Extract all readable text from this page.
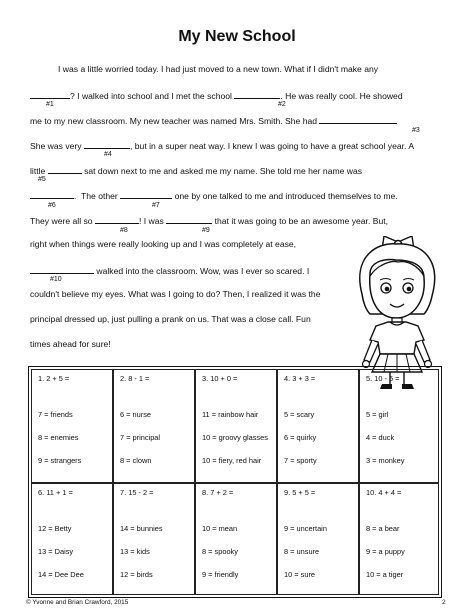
My New School
I was a little worried today. I had just moved to a new town. What if I didn't make any
? I walked into school and I met the school	. He was really cool. He showed
#1	#2
me to my new classroom. My new teacher was named Mrs. Smith. She had
#3
She was very	, but in a super neat way. I knew I was going to have a great school year. A
#4
little	sat down next to me and asked me my name. She told me her name was
#5
.  The other	one by one talked to me and introduced themselves to me.
#6	#7
They were all so	! I was	that it was going to be an awesome year. But,
#8	#9
right when things were really looking up and I was completely at ease,
walked into the classroom. Wow, was I ever so scared. I
#10
couldn't believe my eyes. What was I going to do? Then, I realized it was the
principal dressed up, just pulling a prank on us. That was a close call. Fun
times ahead for sure!
1. 2 + 5 =
7 = friends
8 = enemies
9 = strangers
2. 8 - 1 =
6 = nurse
7 = principal
8 = clown
3. 10 + 0 =
11 = rainbow hair
10 = groovy glasses
10 = fiery, red hair
4. 3 + 3 =
5 = scary
6 = quirky
7 = sporty
5. 10 - 5 =
5 = girl
4 = duck
3 = monkey
6. 11 + 1 =
12 = Betty
13 = Daisy
14 = Dee Dee
7. 15 - 2 =
14 = bunnies
13 = kids
12 = birds
8. 7 + 2 =
10 = mean
8 = spooky
9 = friendly
9. 5 + 5 =
9 = uncertain
8 = unsure
10 = sure
10. 4 + 4 =
8 = a bear
9 = a puppy
10 = a tiger
© Yvonne and Brian Crawford, 2015	2
